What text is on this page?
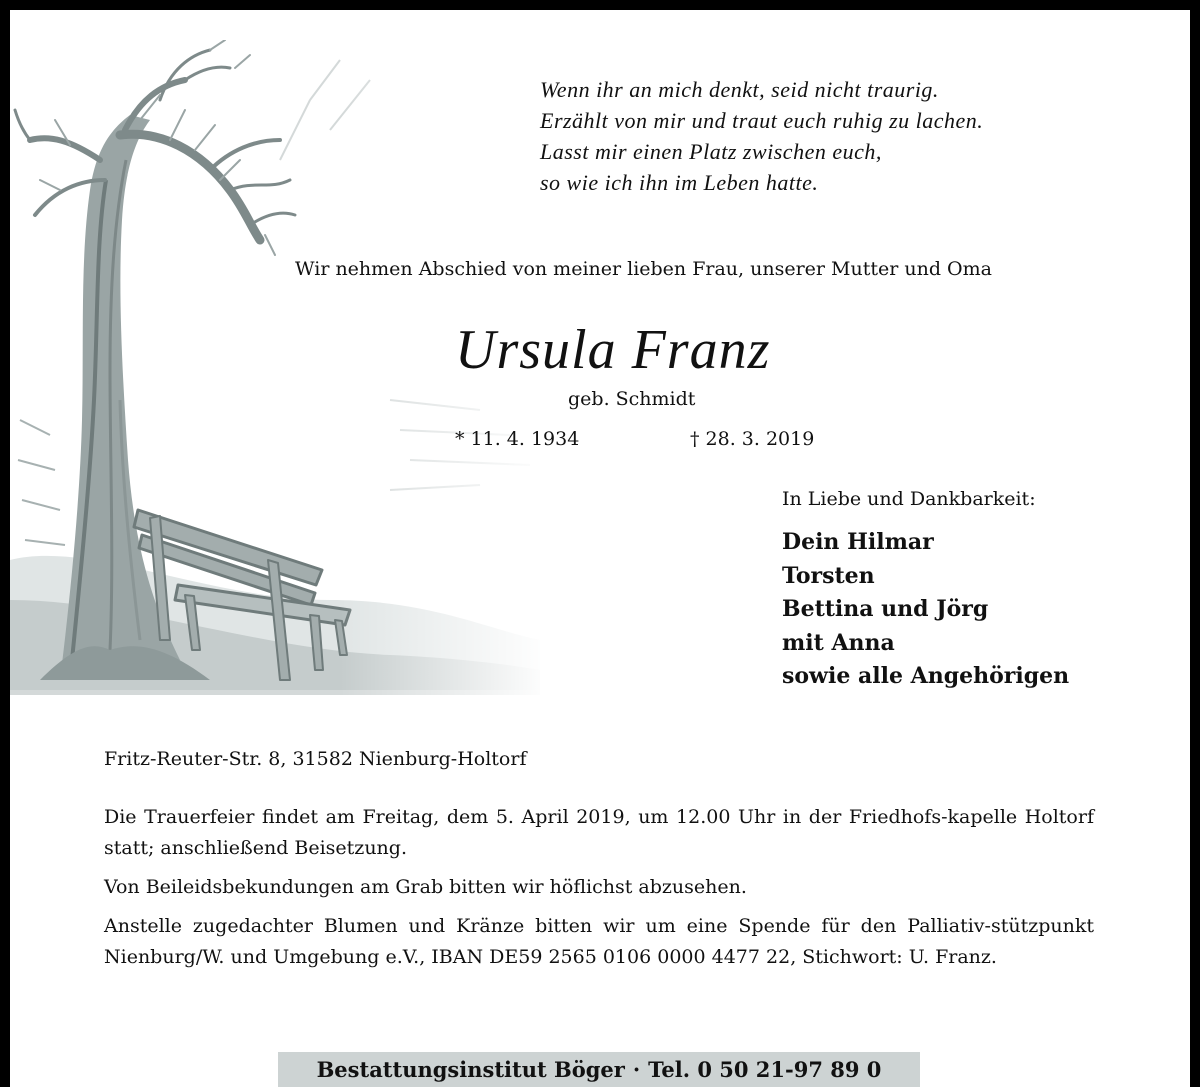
Wenn ihr an mich denkt, seid nicht traurig.
Erzählt von mir und traut euch ruhig zu lachen.
Lasst mir einen Platz zwischen euch,
so wie ich ihn im Leben hatte.
Wir nehmen Abschied von meiner lieben Frau, unserer Mutter und Oma
Ursula Franz
geb. Schmidt
* 11. 4. 1934	† 28. 3. 2019
In Liebe und Dankbarkeit:
Dein Hilmar
Torsten
Bettina und Jörg
mit Anna
sowie alle Angehörigen
Fritz-Reuter-Str. 8, 31582 Nienburg-Holtorf
Die Trauerfeier findet am Freitag, dem 5. April 2019, um 12.00 Uhr in der Friedhofs-kapelle Holtorf statt; anschließend Beisetzung.
Von Beileidsbekundungen am Grab bitten wir höflichst abzusehen.
Anstelle zugedachter Blumen und Kränze bitten wir um eine Spende für den Palliativ-stützpunkt Nienburg/W. und Umgebung e.V., IBAN DE59 2565 0106 0000 4477 22, Stichwort: U. Franz.
Bestattungsinstitut Böger · Tel. 0 50 21-97 89 0
